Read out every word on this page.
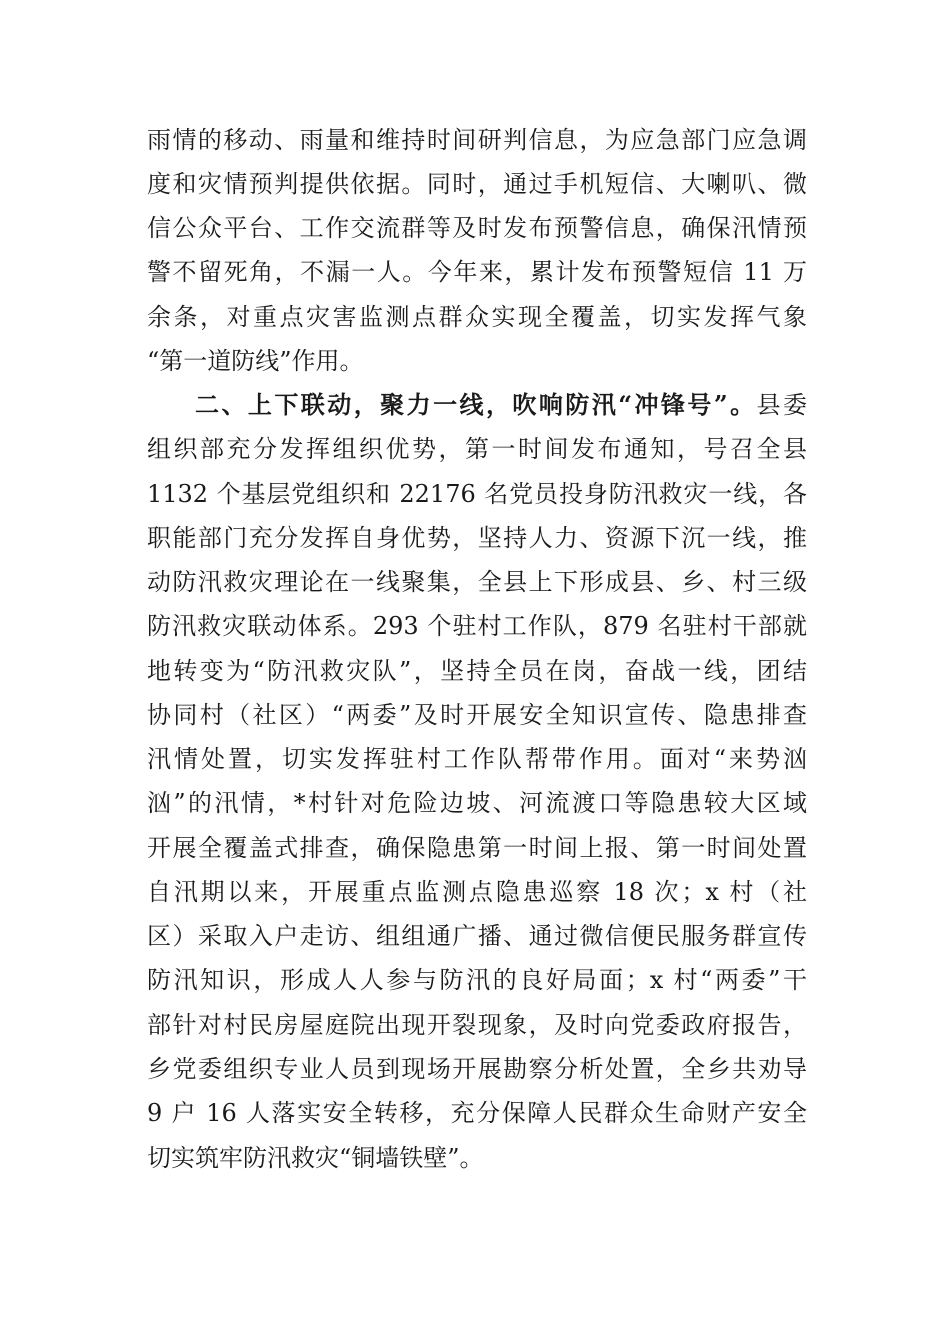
雨情的移动、雨量和维持时间研判信息，为应急部门应急调
度和灾情预判提供依据。同时，通过手机短信、大喇叭、微
信公众平台、工作交流群等及时发布预警信息，确保汛情预
警不留死角，不漏一人。今年来，累计发布预警短信 11 万
余条，对重点灾害监测点群众实现全覆盖，切实发挥气象
“第一道防线”作用。
二、上下联动，聚力一线，吹响防汛“冲锋号”。县委
组织部充分发挥组织优势，第一时间发布通知，号召全县
1132 个基层党组织和 22176 名党员投身防汛救灾一线，各
职能部门充分发挥自身优势，坚持人力、资源下沉一线，推
动防汛救灾理论在一线聚集，全县上下形成县、乡、村三级
防汛救灾联动体系。293 个驻村工作队，879 名驻村干部就
地转变为“防汛救灾队”，坚持全员在岗，奋战一线，团结
协同村（社区）“两委”及时开展安全知识宣传、隐患排查
汛情处置，切实发挥驻村工作队帮带作用。面对“来势汹
汹”的汛情，*村针对危险边坡、河流渡口等隐患较大区域
开展全覆盖式排查，确保隐患第一时间上报、第一时间处置
自汛期以来，开展重点监测点隐患巡察 18 次；x 村（社
区）采取入户走访、组组通广播、通过微信便民服务群宣传
防汛知识，形成人人参与防汛的良好局面；x 村“两委”干
部针对村民房屋庭院出现开裂现象，及时向党委政府报告，
乡党委组织专业人员到现场开展勘察分析处置，全乡共劝导
9 户 16 人落实安全转移，充分保障人民群众生命财产安全
切实筑牢防汛救灾“铜墙铁壁”。
